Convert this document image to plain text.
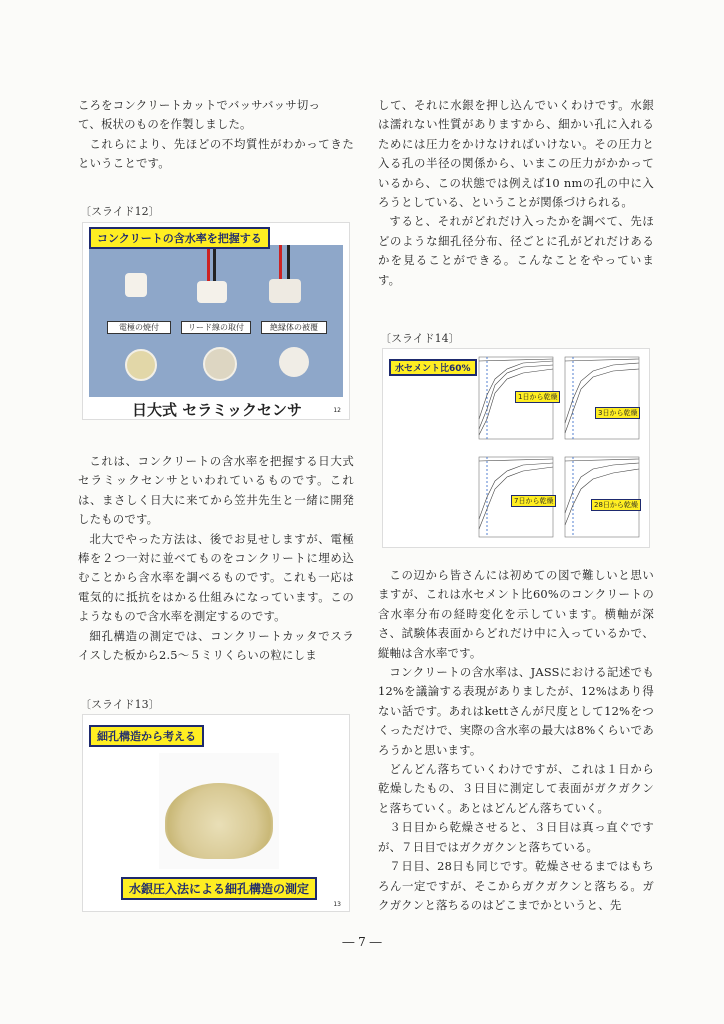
ころをコンクリートカットでバッサバッサ切っ

て、板状のものを作製しました。

これらにより、先ほどの不均質性がわかってきたということです。

〔スライド12〕
電極の焼付	リード線の取付	絶縁体の被覆
コンクリートの含水率を把握する
日大式 セラミックセンサ	12

これは、コンクリートの含水率を把握する日大式セラミックセンサといわれているものです。これは、まさしく日大に来てから笠井先生と一緒に開発したものです。

北大でやった方法は、後でお見せしますが、電極棒を２つ一対に並べてものをコンクリートに埋め込むことから含水率を調べるものです。これも一応は電気的に抵抗をはかる仕組みになっています。このようなもので含水率を測定するのです。

細孔構造の測定では、コンクリートカッタでスライスした板から2.5～５ミリくらいの粒にしま

〔スライド13〕
細孔構造から考える
水銀圧入法による細孔構造の測定
13

して、それに水銀を押し込んでいくわけです。水銀は濡れない性質がありますから、細かい孔に入れるためには圧力をかけなければいけない。その圧力と入る孔の半径の関係から、いまこの圧力がかかっているから、この状態では例えば10 nmの孔の中に入ろうとしている、ということが関係づけられる。

すると、それがどれだけ入ったかを調べて、先ほどのような細孔径分布、径ごとに孔がどれだけあるかを見ることができる。こんなことをやっています。

〔スライド14〕
水セメント比60%
1日から乾燥
3日から乾燥
7日から乾燥	28日から乾燥

この辺から皆さんには初めての図で難しいと思いますが、これは水セメント比60%のコンクリートの含水率分布の経時変化を示しています。横軸が深さ、試験体表面からどれだけ中に入っているかで、縦軸は含水率です。

コンクリートの含水率は、JASSにおける記述でも12%を議論する表現がありましたが、12%はあり得ない話です。あれはkettさんが尺度として12%をつくっただけで、実際の含水率の最大は8%くらいであろうかと思います。

どんどん落ちていくわけですが、これは１日から乾燥したもの、３日目に測定して表面がガクガクンと落ちていく。あとはどんどん落ちていく。

３日目から乾燥させると、３日目は真っ直ぐですが、７日目ではガクガクンと落ちている。

７日目、28日も同じです。乾燥させるまではもちろん一定ですが、そこからガクガクンと落ちる。ガクガクンと落ちるのはどこまでかというと、先

― 7 ―
